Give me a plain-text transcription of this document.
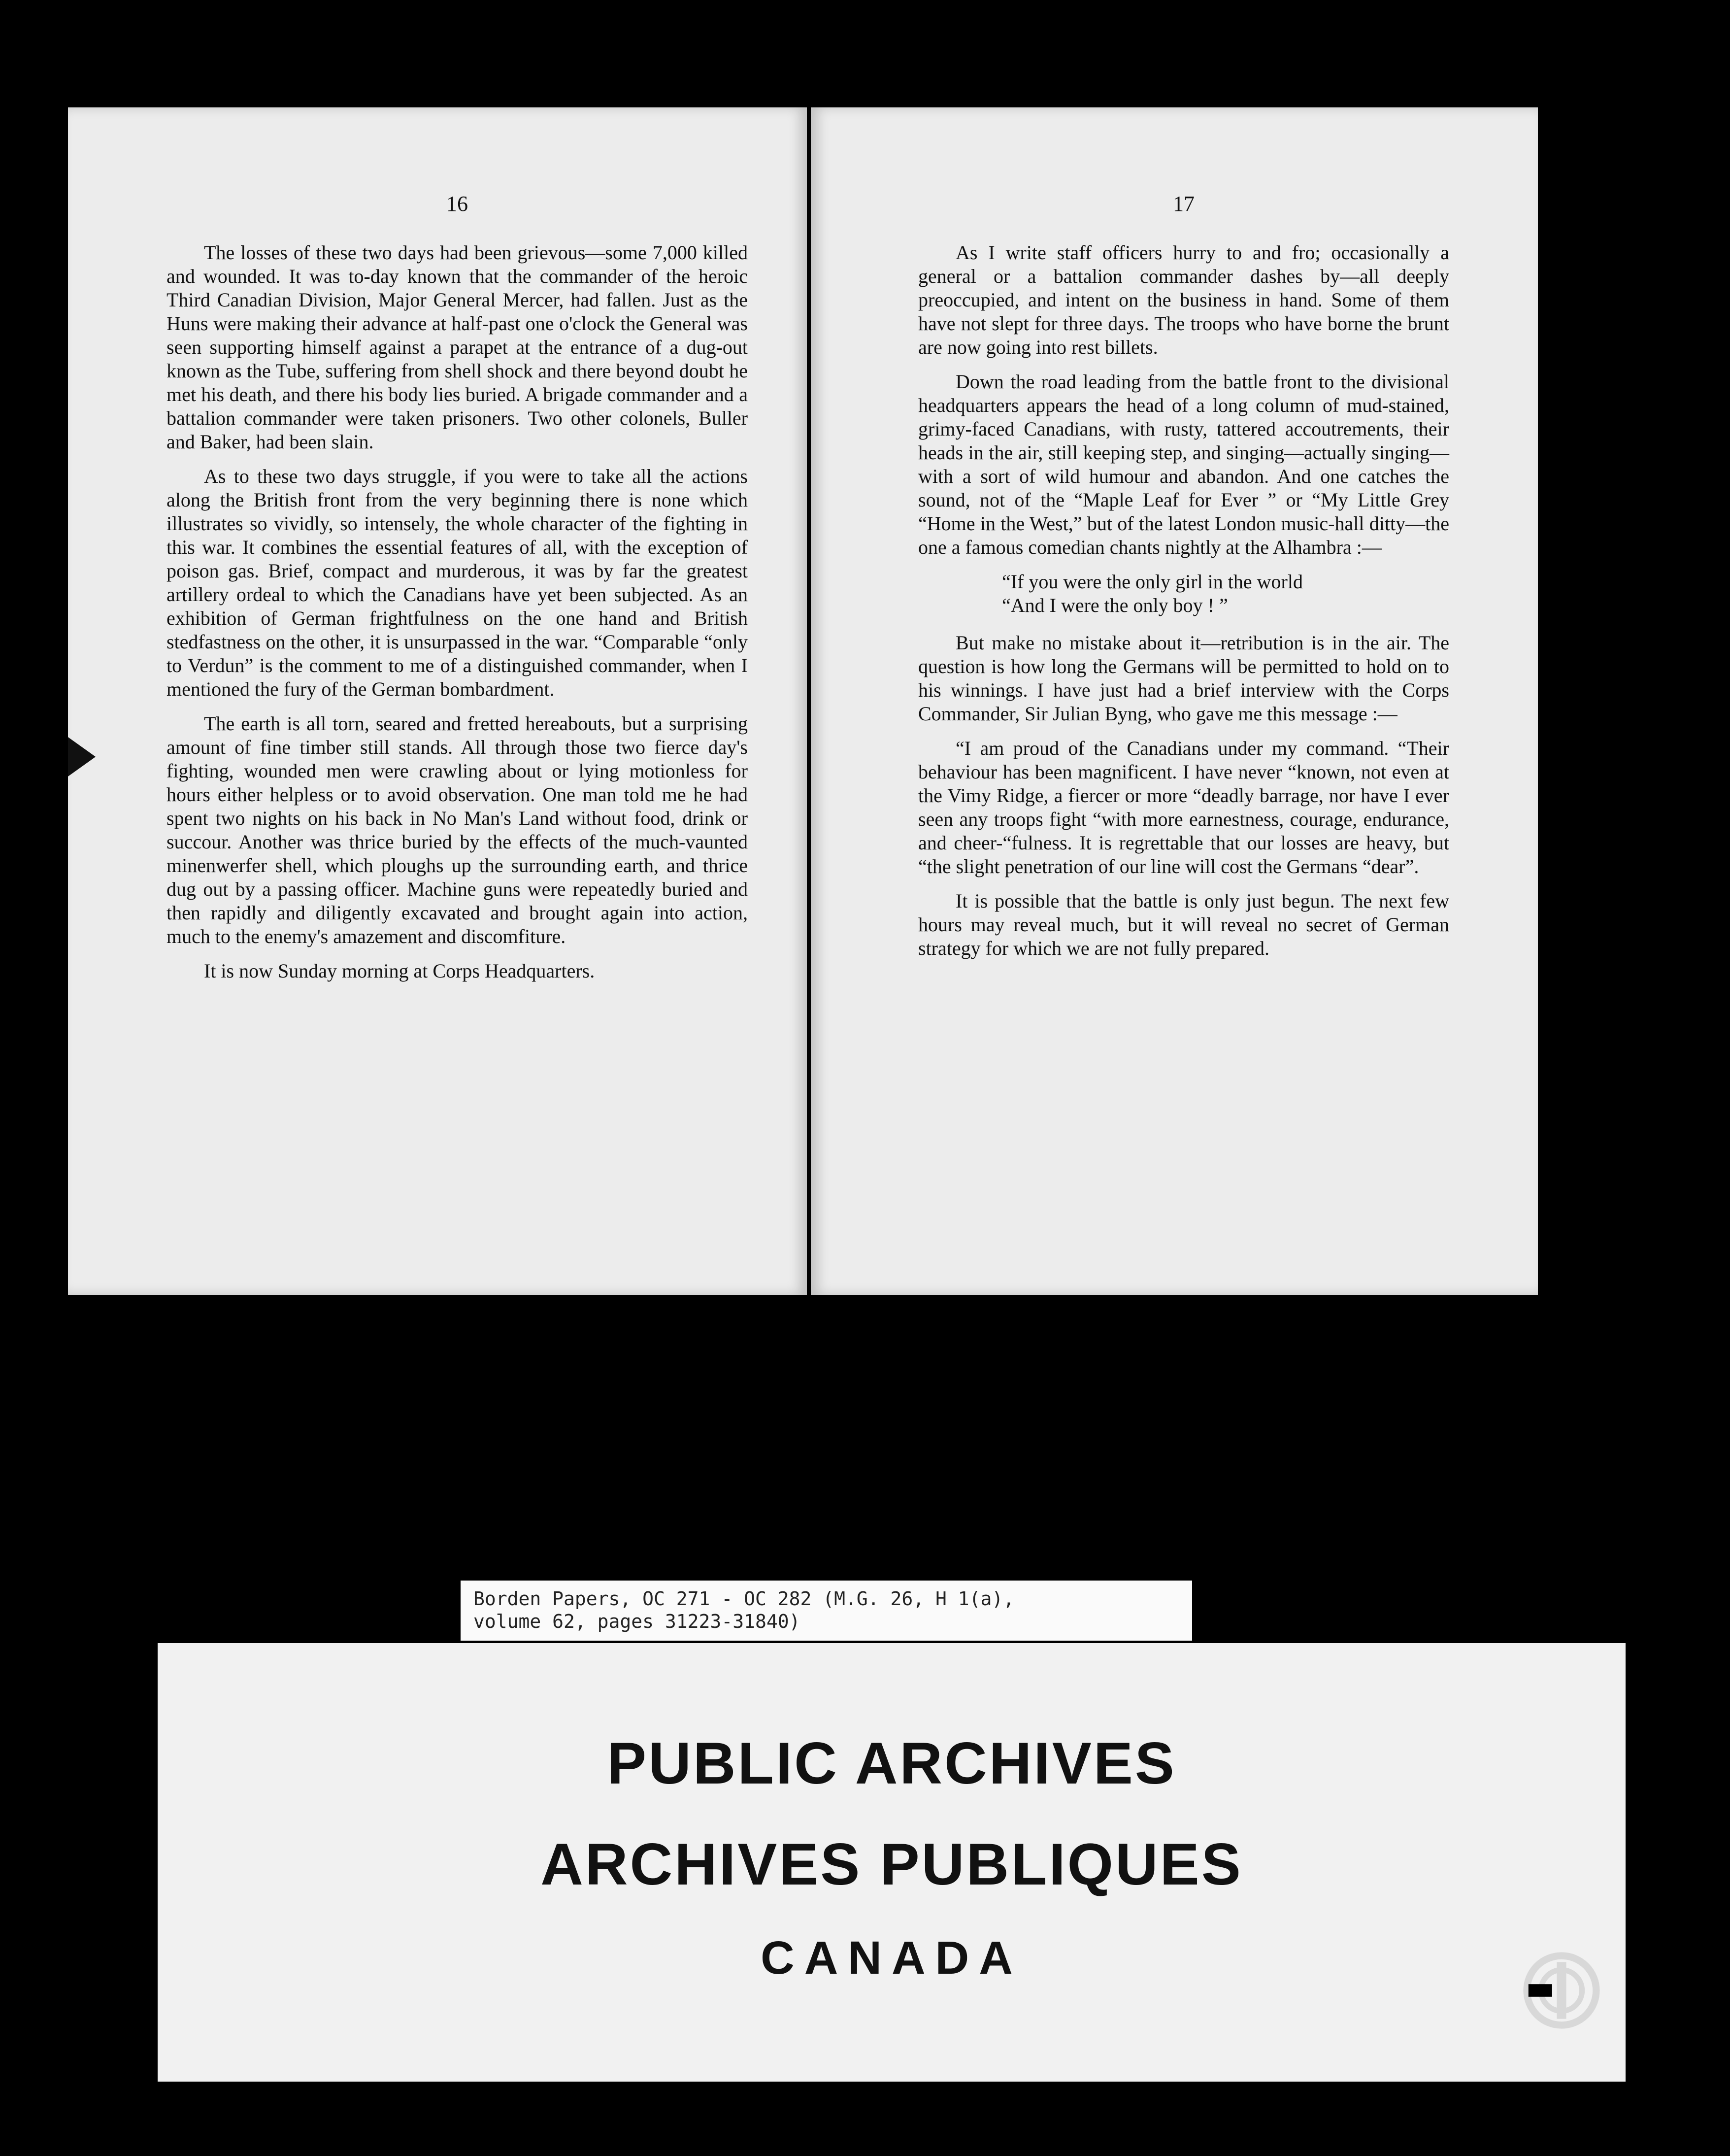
16

The losses of these two days had been grievous—some 7,000 killed and wounded. It was to-day known that the commander of the heroic Third Canadian Division, Major General Mercer, had fallen. Just as the Huns were making their advance at half-past one o'clock the General was seen supporting himself against a parapet at the entrance of a dug-out known as the Tube, suffering from shell shock and there beyond doubt he met his death, and there his body lies buried. A brigade commander and a battalion commander were taken prisoners. Two other colonels, Buller and Baker, had been slain.

As to these two days struggle, if you were to take all the actions along the British front from the very beginning there is none which illustrates so vividly, so intensely, the whole character of the fighting in this war. It combines the essential features of all, with the exception of poison gas. Brief, compact and murderous, it was by far the greatest artillery ordeal to which the Canadians have yet been subjected. As an exhibition of German frightfulness on the one hand and British stedfastness on the other, it is unsurpassed in the war. “Comparable “only to Verdun” is the comment to me of a distinguished commander, when I mentioned the fury of the German bombardment.

The earth is all torn, seared and fretted hereabouts, but a surprising amount of fine timber still stands. All through those two fierce day's fighting, wounded men were crawling about or lying motionless for hours either helpless or to avoid observation. One man told me he had spent two nights on his back in No Man's Land without food, drink or succour. Another was thrice buried by the effects of the much-vaunted minenwerfer shell, which ploughs up the surrounding earth, and thrice dug out by a passing officer. Machine guns were repeatedly buried and then rapidly and diligently excavated and brought again into action, much to the enemy's amazement and discomfiture.

It is now Sunday morning at Corps Headquarters.

17

As I write staff officers hurry to and fro; occasionally a general or a battalion commander dashes by—all deeply preoccupied, and intent on the business in hand. Some of them have not slept for three days. The troops who have borne the brunt are now going into rest billets.

Down the road leading from the battle front to the divisional headquarters appears the head of a long column of mud-stained, grimy-faced Canadians, with rusty, tattered accoutrements, their heads in the air, still keeping step, and singing—actually singing—with a sort of wild humour and abandon. And one catches the sound, not of the “Maple Leaf for Ever ” or “My Little Grey “Home in the West,” but of the latest London music-hall ditty—the one a famous comedian chants nightly at the Alhambra :—

“If you were the only girl in the world
“And I were the only boy ! ”

But make no mistake about it—retribution is in the air. The question is how long the Germans will be permitted to hold on to his winnings. I have just had a brief interview with the Corps Commander, Sir Julian Byng, who gave me this message :—

“I am proud of the Canadians under my command. “Their behaviour has been magnificent. I have never “known, not even at the Vimy Ridge, a fiercer or more “deadly barrage, nor have I ever seen any troops fight “with more earnestness, courage, endurance, and cheer-“fulness. It is regrettable that our losses are heavy, but “the slight penetration of our line will cost the Germans “dear”.

It is possible that the battle is only just begun. The next few hours may reveal much, but it will reveal no secret of German strategy for which we are not fully prepared.

Borden Papers, OC 271 - OC 282 (M.G. 26, H 1(a),
volume 62, pages 31223-31840)
PUBLIC ARCHIVES
ARCHIVES PUBLIQUES
CANADA
